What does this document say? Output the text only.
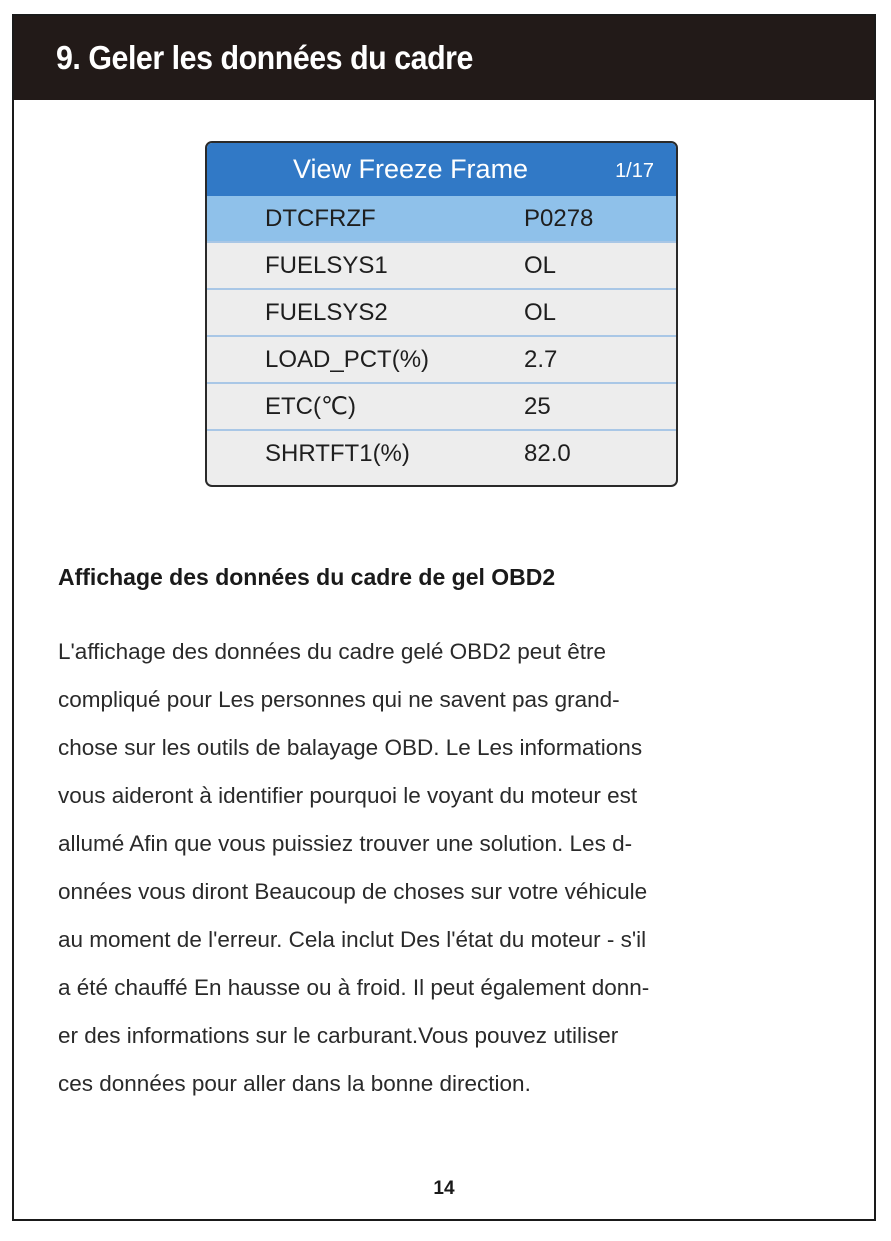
9. Geler les données du cadre
View Freeze Frame	1/17
DTCFRZF	P0278
FUELSYS1	OL
FUELSYS2	OL
LOAD_PCT(%)	2.7
ETC(℃)	25
SHRTFT1(%)	82.0
Affichage des données du cadre de gel OBD2
L'affichage des données du cadre gelé OBD2 peut être
compliqué pour Les personnes qui ne savent pas grand-
chose sur les outils de balayage OBD. Le Les informations
vous aideront à identifier pourquoi le voyant du moteur est
allumé Afin que vous puissiez trouver une solution. Les d-
onnées vous diront Beaucoup de choses sur votre véhicule
au moment de l'erreur. Cela inclut Des l'état du moteur - s'il
a été chauffé En hausse ou à froid. Il peut également donn-
er des informations sur le carburant.Vous pouvez utiliser
ces données pour aller dans la bonne direction.
14
